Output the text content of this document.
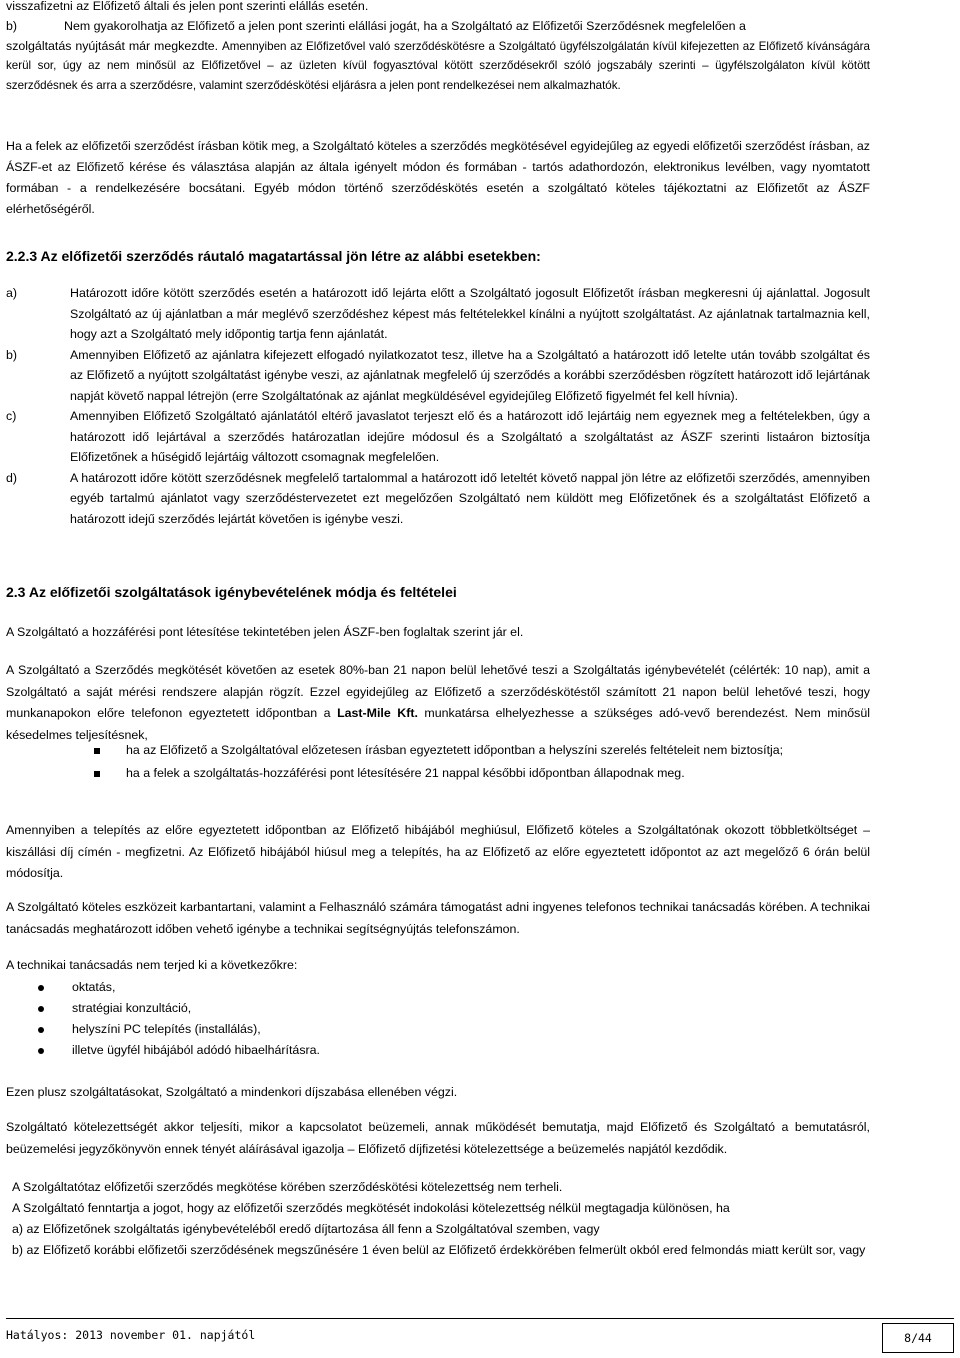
visszafizetni az Előfizető általi és jelen pont szerinti elállás esetén.

b)	Nem gyakorolhatja az Előfizető a jelen pont szerinti elállási jogát, ha a Szolgáltató az Előfizetői Szerződésnek megfelelően a

szolgáltatás nyújtását már megkezdte. Amennyiben az Előfizetővel való szerződéskötésre a Szolgáltató ügyfélszolgálatán kívül kifejezetten az Előfizető kívánságára kerül sor, úgy az nem minősül az Előfizetővel – az üzleten kívül fogyasztóval kötött szerződésekről szóló jogszabály szerinti – ügyfélszolgálaton kívül kötött szerződésnek és arra a szerződésre, valamint szerződéskötési eljárásra a jelen pont rendelkezései nem alkalmazhatók.

Ha a felek az előfizetői szerződést írásban kötik meg, a Szolgáltató köteles a szerződés megkötésével egyidejűleg az egyedi előfizetői szerződést írásban, az ÁSZF-et az Előfizető kérése és választása alapján az általa igényelt módon és formában - tartós adathordozón, elektronikus levélben, vagy nyomtatott formában - a rendelkezésére bocsátani. Egyéb módon történő szerződéskötés esetén a szolgáltató köteles tájékoztatni az Előfizetőt az ÁSZF elérhetőségéről.

2.2.3 Az előfizetői szerződés ráutaló magatartással jön létre az alábbi esetekben:
a)	Határozott időre kötött szerződés esetén a határozott idő lejárta előtt a Szolgáltató jogosult Előfizetőt írásban megkeresni új ajánlattal. Jogosult Szolgáltató az új ajánlatban a már meglévő szerződéshez képest más feltételekkel kínálni a nyújtott szolgáltatást. Az ajánlatnak tartalmaznia kell, hogy azt a Szolgáltató mely időpontig tartja fenn ajánlatát.
b)	Amennyiben Előfizető az ajánlatra kifejezett elfogadó nyilatkozatot tesz, illetve ha a Szolgáltató a határozott idő letelte után tovább szolgáltat és az Előfizető a nyújtott szolgáltatást igénybe veszi, az ajánlatnak megfelelő új szerződés a korábbi szerződésben rögzített határozott idő lejártának napját követő nappal létrejön (erre Szolgáltatónak az ajánlat megküldésével egyidejűleg Előfizető figyelmét fel kell hívnia).
c)	Amennyiben Előfizető Szolgáltató ajánlatától eltérő javaslatot terjeszt elő és a határozott idő lejártáig nem egyeznek meg a feltételekben, úgy a határozott idő lejártával a szerződés határozatlan idejűre módosul és a Szolgáltató a szolgáltatást az ÁSZF szerinti listaáron biztosítja Előfizetőnek a hűségidő lejártáig változott csomagnak megfelelően.
d)	A határozott időre kötött szerződésnek megfelelő tartalommal a határozott idő leteltét követő nappal jön létre az előfizetői szerződés, amennyiben egyéb tartalmú ajánlatot vagy szerződéstervezetet ezt megelőzően Szolgáltató nem küldött meg Előfizetőnek és a szolgáltatást Előfizető a határozott idejű szerződés lejártát követően is igénybe veszi.
2.3 Az előfizetői szolgáltatások igénybevételének módja és feltételei

A Szolgáltató a hozzáférési pont létesítése tekintetében jelen ÁSZF-ben foglaltak szerint jár el.

A Szolgáltató a Szerződés megkötését követően az esetek 80%-ban 21 napon belül lehetővé teszi a Szolgáltatás igénybevételét (célérték: 10 nap), amit a Szolgáltató a saját mérési rendszere alapján rögzít. Ezzel egyidejűleg az Előfizető a szerződéskötéstől számított 21 napon belül lehetővé teszi, hogy munkanapokon előre telefonon egyeztetett időpontban a Last-Mile Kft. munkatársa elhelyezhesse a szükséges adó-vevő berendezést. Nem minősül késedelmes teljesítésnek,

ha az Előfizető a Szolgáltatóval előzetesen írásban egyeztetett időpontban a helyszíni szerelés feltételeit nem biztosítja;
ha a felek a szolgáltatás-hozzáférési pont létesítésére 21 nappal későbbi időpontban állapodnak meg.

Amennyiben a telepítés az előre egyeztetett időpontban az Előfizető hibájából meghiúsul, Előfizető köteles a Szolgáltatónak okozott többletköltséget – kiszállási díj címén - megfizetni. Az Előfizető hibájából hiúsul meg a telepítés, ha az Előfizető az előre egyeztetett időpontot az azt megelőző 6 órán belül módosítja.

A Szolgáltató köteles eszközeit karbantartani, valamint a Felhasználó számára támogatást adni ingyenes telefonos technikai tanácsadás körében. A technikai tanácsadás meghatározott időben vehető igénybe a technikai segítségnyújtás telefonszámon.

A technikai tanácsadás nem terjed ki a következőkre:

oktatás,
stratégiai konzultáció,
helyszíni PC telepítés (installálás),
illetve ügyfél hibájából adódó hibaelhárításra.

Ezen plusz szolgáltatásokat, Szolgáltató a mindenkori díjszabása ellenében végzi.

Szolgáltató kötelezettségét akkor teljesíti, mikor a kapcsolatot beüzemeli, annak működését bemutatja, majd Előfizető és Szolgáltató a bemutatásról, beüzemelési jegyzőkönyvön ennek tényét aláírásával igazolja – Előfizető díjfizetési kötelezettsége a beüzemelés napjától kezdődik.

A Szolgáltatótaz előfizetői szerződés megkötése körében szerződéskötési kötelezettség nem terheli.

A Szolgáltató fenntartja a jogot, hogy az előfizetői szerződés megkötését indokolási kötelezettség nélkül megtagadja különösen, ha

a) az Előfizetőnek szolgáltatás igénybevételéből eredő díjtartozása áll fenn a Szolgáltatóval szemben, vagy

b) az Előfizető korábbi előfizetői szerződésének megszűnésére 1 éven belül az Előfizető érdekkörében felmerült okból ered felmondás miatt került sor, vagy

Hatályos: 2013 november 01. napjától	8/44
